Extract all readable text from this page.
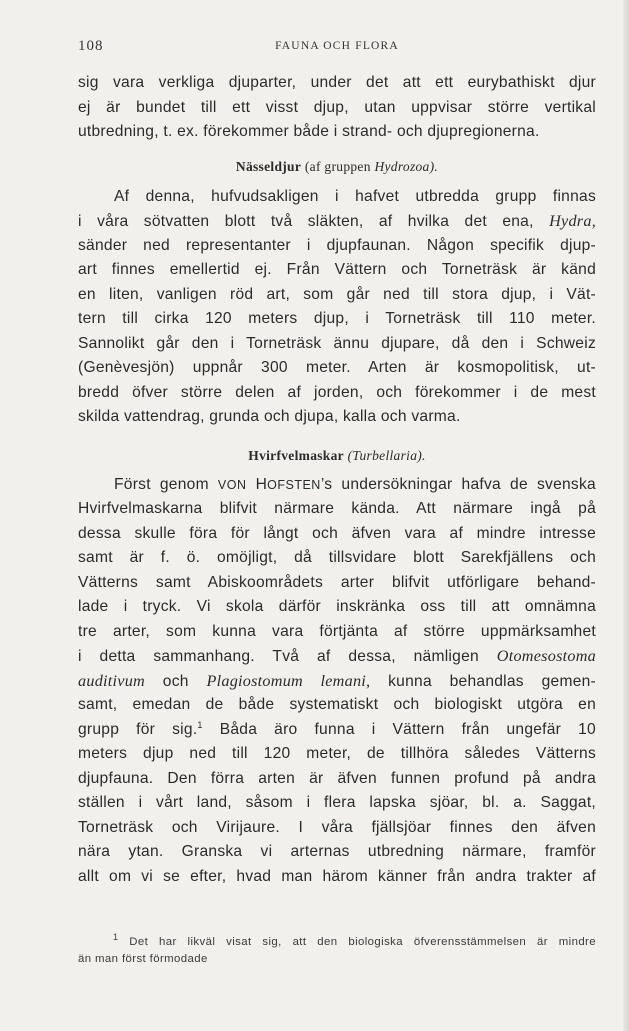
108	FAUNA OCH FLORA
sig vara verkliga djuparter, under det att ett eurybathiskt djur
ej är bundet till ett visst djup, utan uppvisar större vertikal
utbredning, t. ex. förekommer både i strand- och djupregionerna.
Nässeldjur (af gruppen Hydrozoa).
Af denna, hufvudsakligen i hafvet utbredda grupp finnas
i våra sötvatten blott två släkten, af hvilka det ena, Hydra,
sänder ned representanter i djupfaunan. Någon specifik djup-
art finnes emellertid ej. Från Vättern och Torneträsk är känd
en liten, vanligen röd art, som går ned till stora djup, i Vät-
tern till cirka 120 meters djup, i Torneträsk till 110 meter.
Sannolikt går den i Torneträsk ännu djupare, då den i Schweiz
(Genèvesjön) uppnår 300 meter. Arten är kosmopolitisk, ut-
bredd öfver större delen af jorden, och förekommer i de mest
skilda vattendrag, grunda och djupa, kalla och varma.
Hvirfvelmaskar (Turbellaria).
Först genom VON HOFSTEN’s undersökningar hafva de svenska
Hvirfvelmaskarna blifvit närmare kända. Att närmare ingå på
dessa skulle föra för långt och äfven vara af mindre intresse
samt är f. ö. omöjligt, då tillsvidare blott Sarekfjällens och
Vätterns samt Abiskoområdets arter blifvit utförligare behand-
lade i tryck. Vi skola därför inskränka oss till att omnämna
tre arter, som kunna vara förtjänta af större uppmärksamhet
i detta sammanhang. Två af dessa, nämligen Otomesostoma
auditivum och Plagiostomum lemani, kunna behandlas gemen-
samt, emedan de både systematiskt och biologiskt utgöra en
grupp för sig.$^1$ Båda äro funna i Vättern från ungefär 10
meters djup ned till 120 meter, de tillhöra således Vätterns
djupfauna. Den förra arten är äfven funnen profund på andra
ställen i vårt land, såsom i flera lapska sjöar, bl. a. Saggat,
Torneträsk och Virijaure. I våra fjällsjöar finnes den äfven
nära ytan. Granska vi arternas utbredning närmare, framför
allt om vi se efter, hvad man härom känner från andra trakter af
$^1$ Det har likväl visat sig, att den biologiska öfverensstämmelsen är mindre
än man först förmodade
